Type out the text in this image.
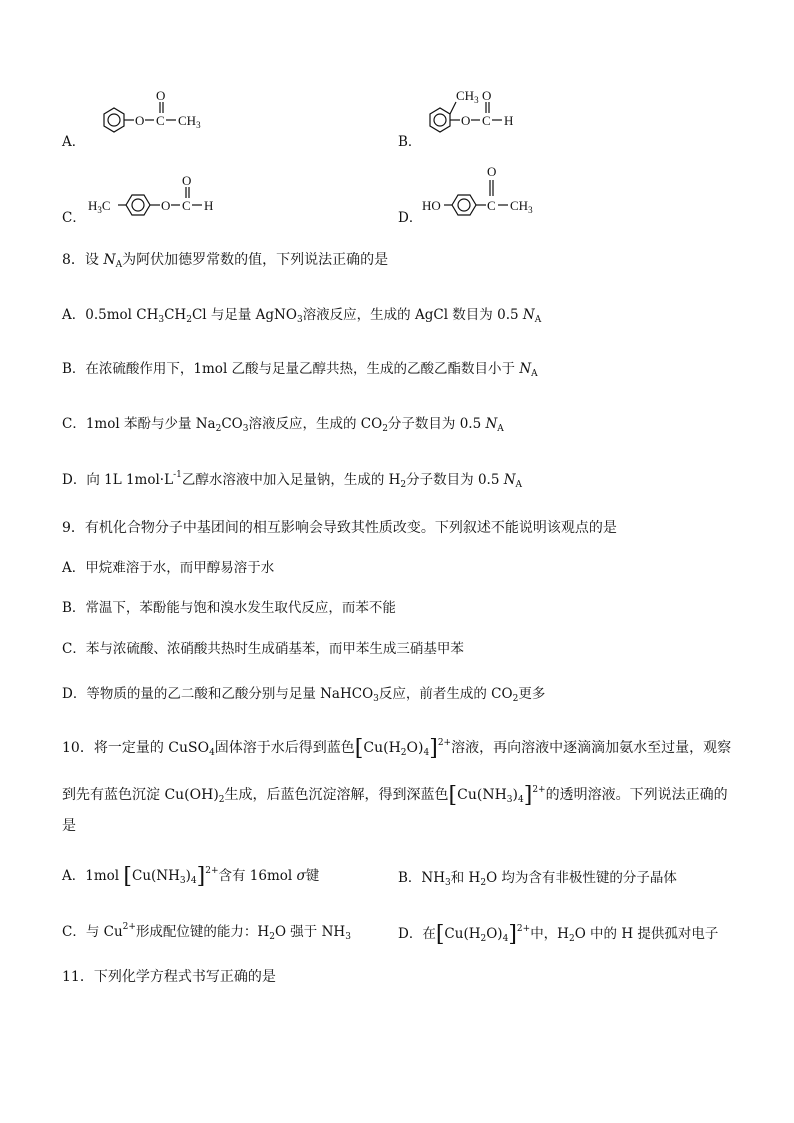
A．
O
O
C $CH_3$
B．
$CH_3$
O
O
C H
C．
$H_3C$	O
O
C H
D．
HO
O
C $CH_3$
8．设 $N_A$为阿伏加德罗常数的值，下列说法正确的是
A．0.5mol $CH_3CH_2Cl$ 与足量 AgNO$_3$溶液反应，生成的 AgCl 数目为 0.5 $N_A$
B．在浓硫酸作用下，1mol 乙酸与足量乙醇共热，生成的乙酸乙酯数目小于 $N_A$
C．1mol 苯酚与少量 $Na_2CO_3$溶液反应，生成的 $CO_2$分子数目为 0.5 $N_A$
D．向 1L $1mol\cdot L^{-1}$乙醇水溶液中加入足量钠，生成的 $H_2$分子数目为 0.5 $N_A$
9．有机化合物分子中基团间的相互影响会导致其性质改变。下列叙述不能说明该观点的是
A．甲烷难溶于水，而甲醇易溶于水
B．常温下，苯酚能与饱和溴水发生取代反应，而苯不能
C．苯与浓硫酸、浓硝酸共热时生成硝基苯，而甲苯生成三硝基甲苯
D．等物质的量的乙二酸和乙酸分别与足量 NaHCO$_3$反应，前者生成的 $CO_2$更多
10．将一定量的 CuSO$_4$固体溶于水后得到蓝色$[Cu(H_2O)_4]^{2+}$溶液，再向溶液中逐滴滴加氨水至过量，观察
到先有蓝色沉淀 $Cu(OH)_2$生成，后蓝色沉淀溶解，得到深蓝色$[Cu(NH_3)_4]^{2+}$的透明溶液。下列说法正确的
是
A．1mol $[Cu(NH_3)_4]^{2+}$含有 16mol σ键	B．$NH_3$和 $H_2O$ 均为含有非极性键的分子晶体
C．与 $Cu^{2+}$形成配位键的能力：$H_2O$ 强于 $NH_3$	D．在$[Cu(H_2O)_4]^{2+}$中，$H_2O$ 中的 H 提供孤对电子
11．下列化学方程式书写正确的是
